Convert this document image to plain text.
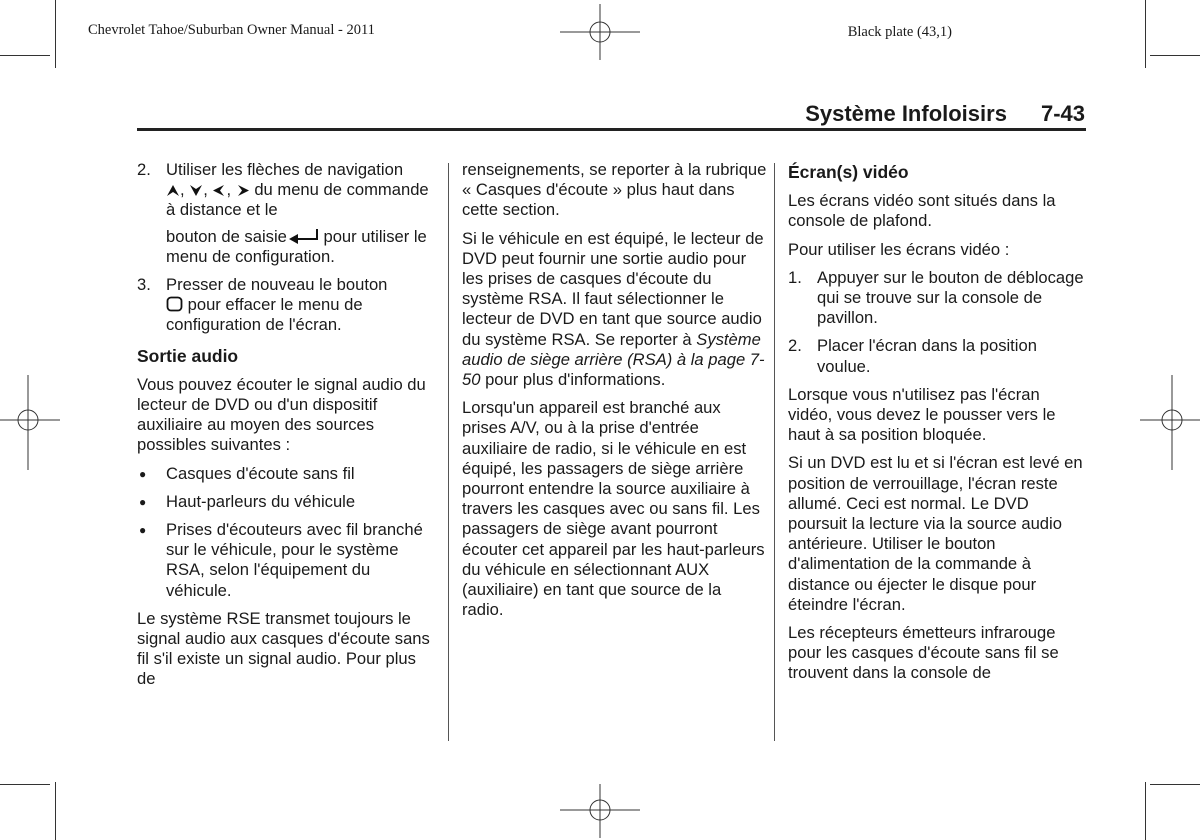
Chevrolet Tahoe/Suburban Owner Manual - 2011	Black plate (43,1)
Système Infoloisirs 7-43
2. Utiliser les flèches de navigation
, , ,  du menu de commande à distance et le
bouton de saisie pour utiliser le menu de configuration.
3. Presser de nouveau le bouton
pour effacer le menu de configuration de l'écran.
Sortie audio

Vous pouvez écouter le signal audio du lecteur de DVD ou d'un dispositif auxiliaire au moyen des sources possibles suivantes :

● Casques d'écoute sans fil
● Haut-parleurs du véhicule
● Prises d'écouteurs avec fil branché sur le véhicule, pour le système RSA, selon l'équipement du véhicule.

Le système RSE transmet toujours le signal audio aux casques d'écoute sans fil s'il existe un signal audio. Pour plus de

renseignements, se reporter à la rubrique « Casques d'écoute » plus haut dans cette section.

Si le véhicule en est équipé, le lecteur de DVD peut fournir une sortie audio pour les prises de casques d'écoute du système RSA. Il faut sélectionner le lecteur de DVD en tant que source audio du système RSA. Se reporter à Système audio de siège arrière (RSA) à la page 7-50 pour plus d'informations.

Lorsqu'un appareil est branché aux prises A/V, ou à la prise d'entrée auxiliaire de radio, si le véhicule en est équipé, les passagers de siège arrière pourront entendre la source auxiliaire à travers les casques avec ou sans fil. Les passagers de siège avant pourront écouter cet appareil par les haut-parleurs du véhicule en sélectionnant AUX (auxiliaire) en tant que source de la radio.

Écran(s) vidéo

Les écrans vidéo sont situés dans la console de plafond.

Pour utiliser les écrans vidéo :

1. Appuyer sur le bouton de déblocage qui se trouve sur la console de pavillon.
2. Placer l'écran dans la position voulue.

Lorsque vous n'utilisez pas l'écran vidéo, vous devez le pousser vers le haut à sa position bloquée.

Si un DVD est lu et si l'écran est levé en position de verrouillage, l'écran reste allumé. Ceci est normal. Le DVD poursuit la lecture via la source audio antérieure. Utiliser le bouton d'alimentation de la commande à distance ou éjecter le disque pour éteindre l'écran.

Les récepteurs émetteurs infrarouge pour les casques d'écoute sans fil se trouvent dans la console de
